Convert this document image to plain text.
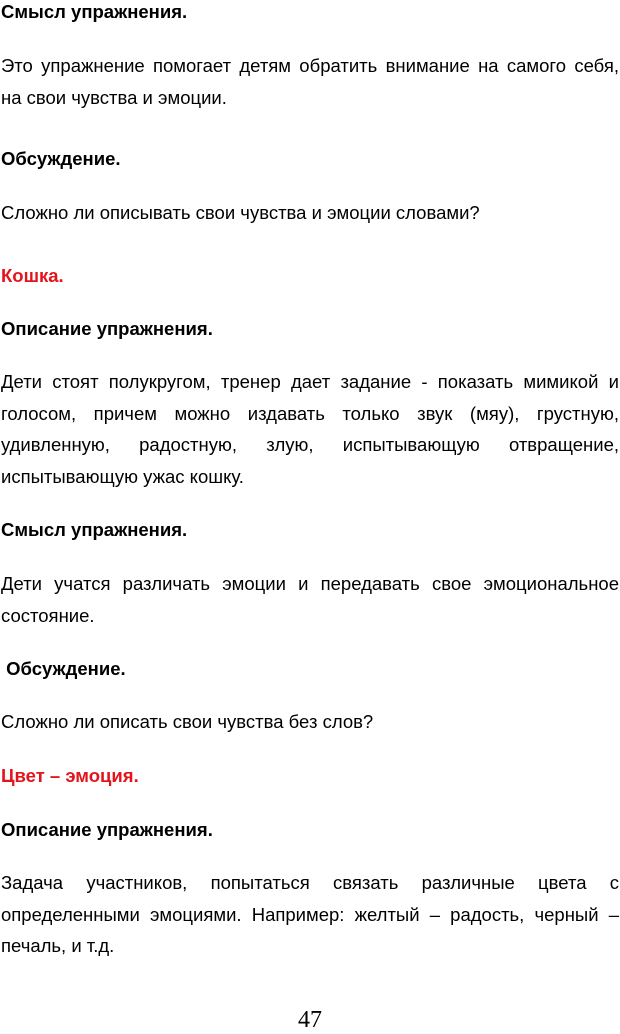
Смысл упражнения.

Это упражнение помогает детям обратить внимание на самого себя, на свои чувства и эмоции.

Обсуждение.

Сложно ли описывать свои чувства и эмоции словами?

Кошка.

Описание упражнения.

Дети стоят полукругом, тренер дает задание - показать мимикой и голосом, причем можно издавать только звук (мяу), грустную, удивленную, радостную, злую, испытывающую отвращение, испытывающую ужас кошку.

Смысл упражнения.

Дети учатся различать эмоции и передавать свое эмоциональное состояние.

Обсуждение.

Сложно ли описать свои чувства без слов?

Цвет – эмоция.

Описание упражнения.

Задача участников, попытаться связать различные цвета с определенными эмоциями. Например: желтый – радость, черный – печаль, и т.д.

47
